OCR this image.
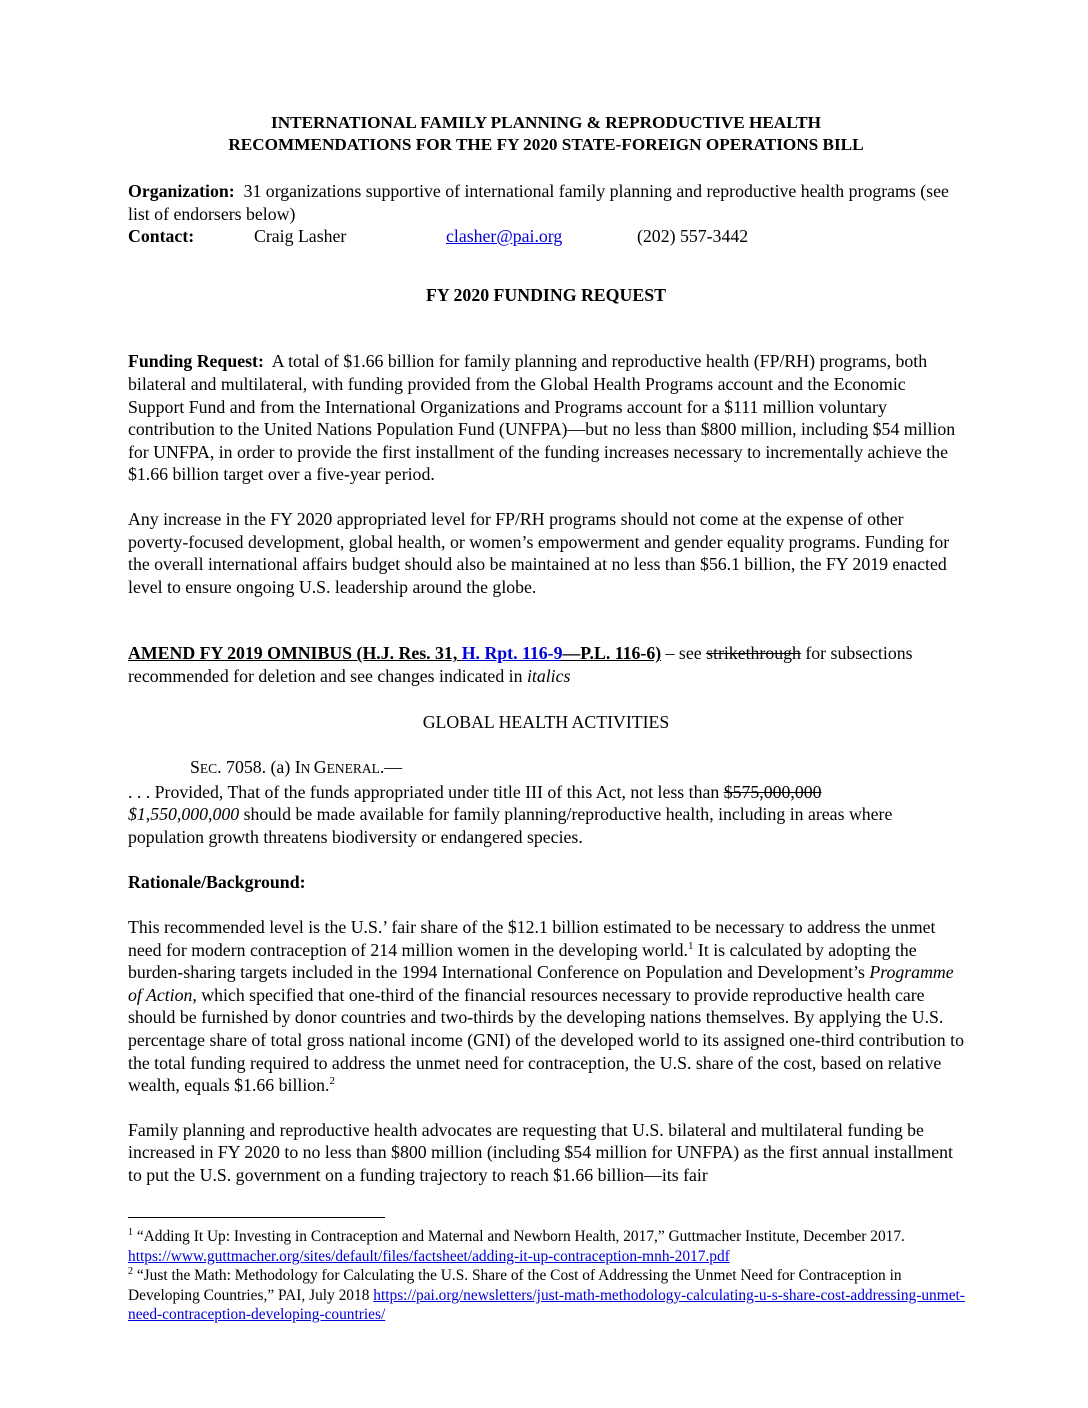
INTERNATIONAL FAMILY PLANNING & REPRODUCTIVE HEALTH
RECOMMENDATIONS FOR THE FY 2020 STATE-FOREIGN OPERATIONS BILL

Organization: 31 organizations supportive of international family planning and reproductive health programs (see list of endorsers below)

Contact:	Craig Lasher	clasher@pai.org	(202) 557-3442

FY 2020 FUNDING REQUEST

Funding Request: A total of $1.66 billion for family planning and reproductive health (FP/RH) programs, both bilateral and multilateral, with funding provided from the Global Health Programs account and the Economic Support Fund and from the International Organizations and Programs account for a $111 million voluntary contribution to the United Nations Population Fund (UNFPA)—but no less than $800 million, including $54 million for UNFPA, in order to provide the first installment of the funding increases necessary to incrementally achieve the $1.66 billion target over a five-year period.

Any increase in the FY 2020 appropriated level for FP/RH programs should not come at the expense of other poverty-focused development, global health, or women’s empowerment and gender equality programs. Funding for the overall international affairs budget should also be maintained at no less than $56.1 billion, the FY 2019 enacted level to ensure ongoing U.S. leadership around the globe.

AMEND FY 2019 OMNIBUS (H.J. Res. 31, H. Rpt. 116-9—P.L. 116-6) – see strikethrough for subsections recommended for deletion and see changes indicated in italics

GLOBAL HEALTH ACTIVITIES

SEC. 7058. (a) IN GENERAL.—

. . . Provided, That of the funds appropriated under title III of this Act, not less than $575,000,000
$1,550,000,000 should be made available for family planning/reproductive health, including in areas where population growth threatens biodiversity or endangered species.

Rationale/Background:

This recommended level is the U.S.’ fair share of the $12.1 billion estimated to be necessary to address the unmet need for modern contraception of 214 million women in the developing world.$^1$ It is calculated by adopting the burden-sharing targets included in the 1994 International Conference on Population and Development’s Programme of Action, which specified that one-third of the financial resources necessary to provide reproductive health care should be furnished by donor countries and two-thirds by the developing nations themselves. By applying the U.S. percentage share of total gross national income (GNI) of the developed world to its assigned one-third contribution to the total funding required to address the unmet need for contraception, the U.S. share of the cost, based on relative wealth, equals $1.66 billion.$^2$

Family planning and reproductive health advocates are requesting that U.S. bilateral and multilateral funding be increased in FY 2020 to no less than $800 million (including $54 million for UNFPA) as the first annual installment to put the U.S. government on a funding trajectory to reach $1.66 billion—its fair

$^1$ “Adding It Up: Investing in Contraception and Maternal and Newborn Health, 2017,” Guttmacher Institute, December 2017. https://www.guttmacher.org/sites/default/files/factsheet/adding-it-up-contraception-mnh-2017.pdf

$^2$ “Just the Math: Methodology for Calculating the U.S. Share of the Cost of Addressing the Unmet Need for Contraception in Developing Countries,” PAI, July 2018 https://pai.org/newsletters/just-math-methodology-calculating-u-s-share-cost-addressing-unmet-need-contraception-developing-countries/
